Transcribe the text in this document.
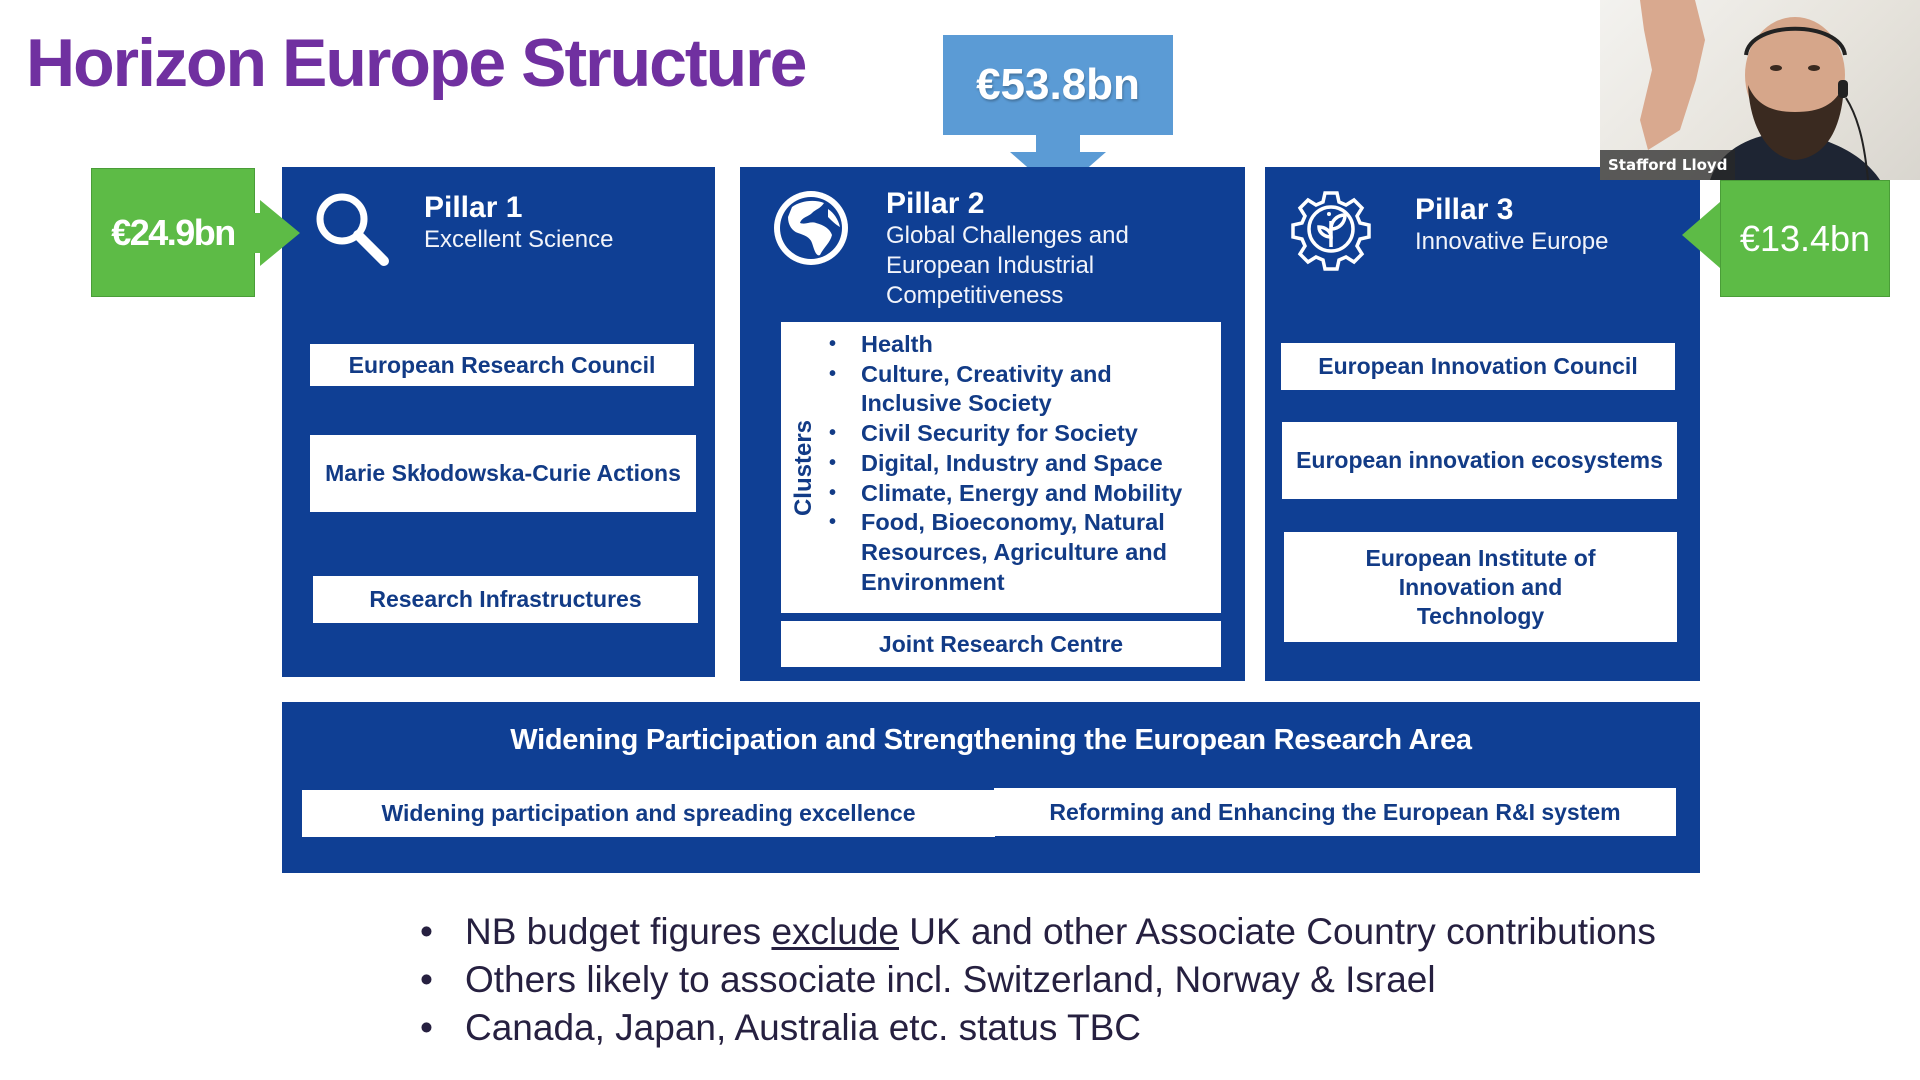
Horizon Europe Structure	€53.8bn
Pillar 1
Excellent Science
European Research Council
Marie Skłodowska-Curie Actions
Research Infrastructures
€24.9bn
Pillar 2
Global Challenges and
European Industrial
Competitiveness
Clusters
• Health
• Culture, Creativity and Inclusive Society
• Civil Security for Society
• Digital, Industry and Space
• Climate, Energy and Mobility
• Food, Bioeconomy, Natural Resources, Agriculture and Environment
Joint Research Centre
Pillar 3
Innovative Europe
European Innovation Council
European innovation ecosystems
European Institute of Innovation and Technology
€13.4bn
Widening Participation and Strengthening the European Research Area
Widening participation and spreading excellence	Reforming and Enhancing the European R&I system
• NB budget figures exclude UK and other Associate Country contributions
• Others likely to associate incl. Switzerland, Norway & Israel
• Canada, Japan, Australia etc. status TBC
Stafford Lloyd
